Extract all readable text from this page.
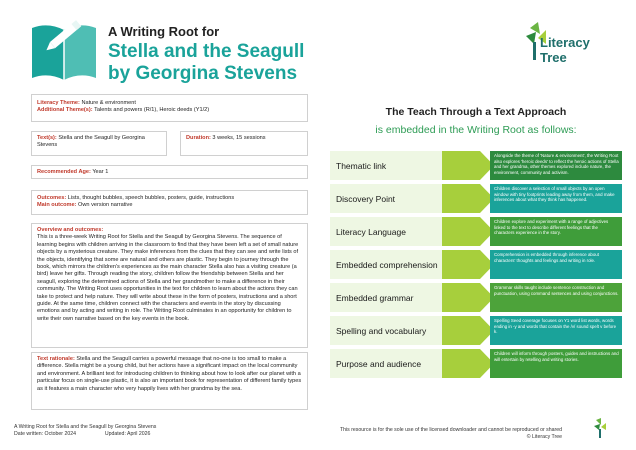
A Writing Root for
Stella and the Seagull
by Georgina Stevens
Literacy
Tree
Literacy Theme: Nature & environment
Additional Theme(s): Talents and powers (R/1), Heroic deeds (Y1/2)
Text(s): Stella and the Seagull by Georgina Stevens
Duration: 3 weeks, 15 sessions
Recommended Age: Year 1
Outcomes: Lists, thought bubbles, speech bubbles, posters, guide, instructions
Main outcome: Own version narrative
Overview and outcomes:
This is a three-week Writing Root for Stella and the Seagull by Georgina Stevens. The sequence of learning begins with children arriving in the classroom to find that they have been left a set of small nature objects by a mysterious creature. They make inferences from the clues that they can see and write lists of the objects, identifying that some are natural and others are plastic. They begin to journey through the book, which mirrors the children's experiences as the main character Stella also has a visiting creature (a bird) leave her gifts. Through reading the story, children follow the friendship between Stella and her seagull, exploring the determined actions of Stella and her grandmother to make a difference in their community. The Writing Root uses opportunities in the text for children to learn about the actions they can take to protect and help nature. They will write about these in the form of posters, instructions and a short guide. At the same time, children connect with the characters and events in the story by discussing emotions and by acting and writing in role. The Writing Root culminates in an opportunity for children to write their own narrative based on the key events in the book.
Text rationale: Stella and the Seagull carries a powerful message that no-one is too small to make a difference. Stella might be a young child, but her actions have a significant impact on the local community and environment. A brilliant text for introducing children to thinking about how to look after our planet with a particular focus on single-use plastic, it is also an important book for representation of different family types as it features a main character who very happily lives with her grandma by the sea.
The Teach Through a Text Approach
is embedded in the Writing Root as follows:
Thematic link
Alongside the theme of 'Nature & environment', the Writing Root also explores 'heroic deeds' to reflect the heroic actions of Stella and her grandma, other themes explored include nature, the environment, community and activism.
Discovery Point
Children discover a selection of small objects by an open window with tiny footprints leading away from them, and make inferences about what they think has happened.
Literacy Language
Children explore and experiment with a range of adjectives linked to the text to describe different feelings that the characters experience in the story.
Embedded comprehension
Comprehension is embedded through inference about characters' thoughts and feelings and writing in role.
Embedded grammar
Grammar skills taught include sentence construction and punctuation, using command sentences and using conjunctions.
Spelling and vocabulary
Spelling Seed coverage focuses on Y1 word list words, words ending in -y and words that contain the /v/ sound spelt v before k.
Purpose and audience
Children will inform through posters, guides and instructions and will entertain by retelling and writing stories.
A Writing Root for Stella and the Seagull by Georgina Stevens
Date written: October 2024	Updated: April 2026
This resource is for the sole use of the licensed downloader and cannot be reproduced or shared
© Literacy Tree
